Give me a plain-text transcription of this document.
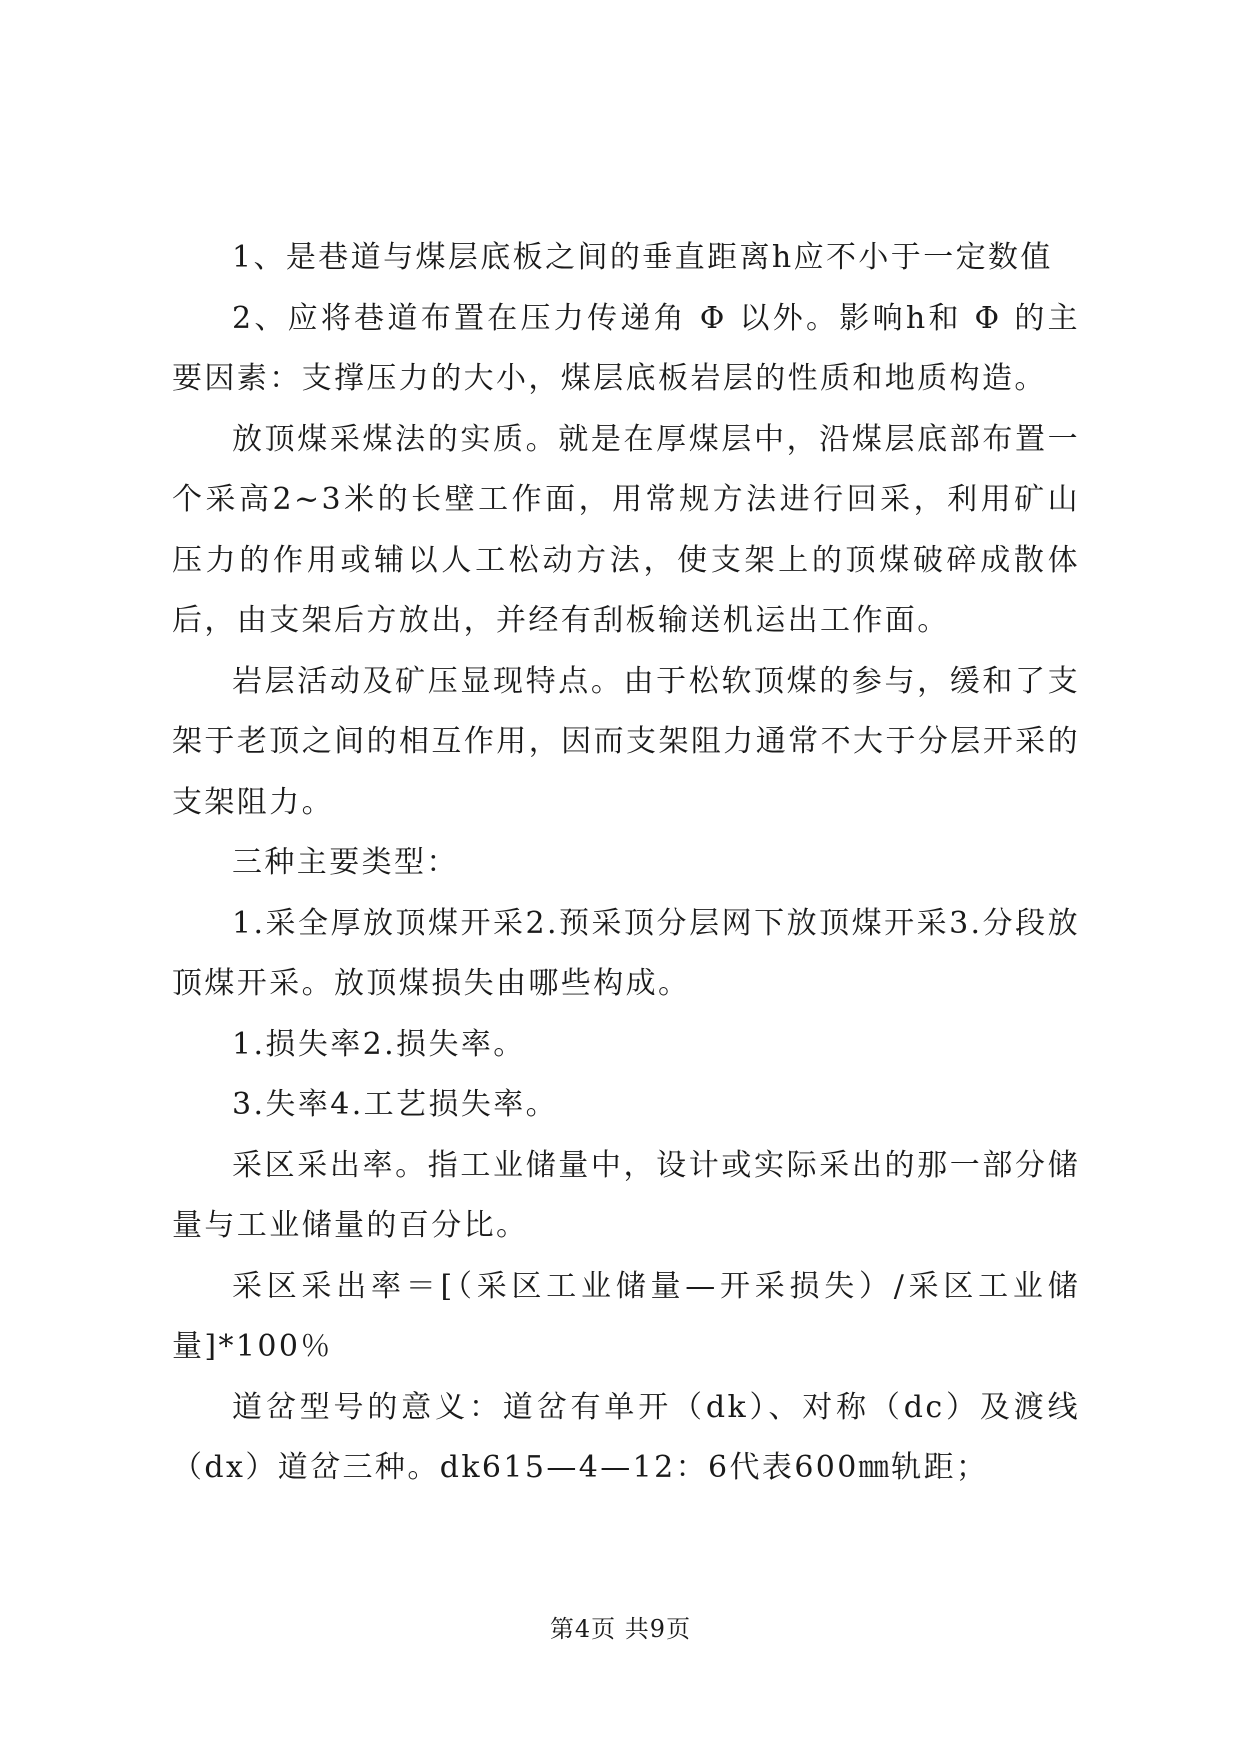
1、是巷道与煤层底板之间的垂直距离h应不小于一定数值

2、应将巷道布置在压力传递角 Φ 以外。影响h和 Φ 的主要因素：支撑压力的大小，煤层底板岩层的性质和地质构造。

放顶煤采煤法的实质。就是在厚煤层中，沿煤层底部布置一个采高2~3米的长壁工作面，用常规方法进行回采，利用矿山压力的作用或辅以人工松动方法，使支架上的顶煤破碎成散体后，由支架后方放出，并经有刮板输送机运出工作面。

岩层活动及矿压显现特点。由于松软顶煤的参与，缓和了支架于老顶之间的相互作用，因而支架阻力通常不大于分层开采的支架阻力。

三种主要类型：

1.采全厚放顶煤开采2.预采顶分层网下放顶煤开采3.分段放顶煤开采。放顶煤损失由哪些构成。

1.损失率2.损失率。

3.失率4.工艺损失率。

采区采出率。指工业储量中，设计或实际采出的那一部分储量与工业储量的百分比。

采区采出率＝[（采区工业储量—开采损失）/采区工业储量]*100％

道岔型号的意义：道岔有单开（dk）、对称（dc）及渡线（dx）道岔三种。dk615—4—12：6代表600㎜轨距；

第4页 共9页
